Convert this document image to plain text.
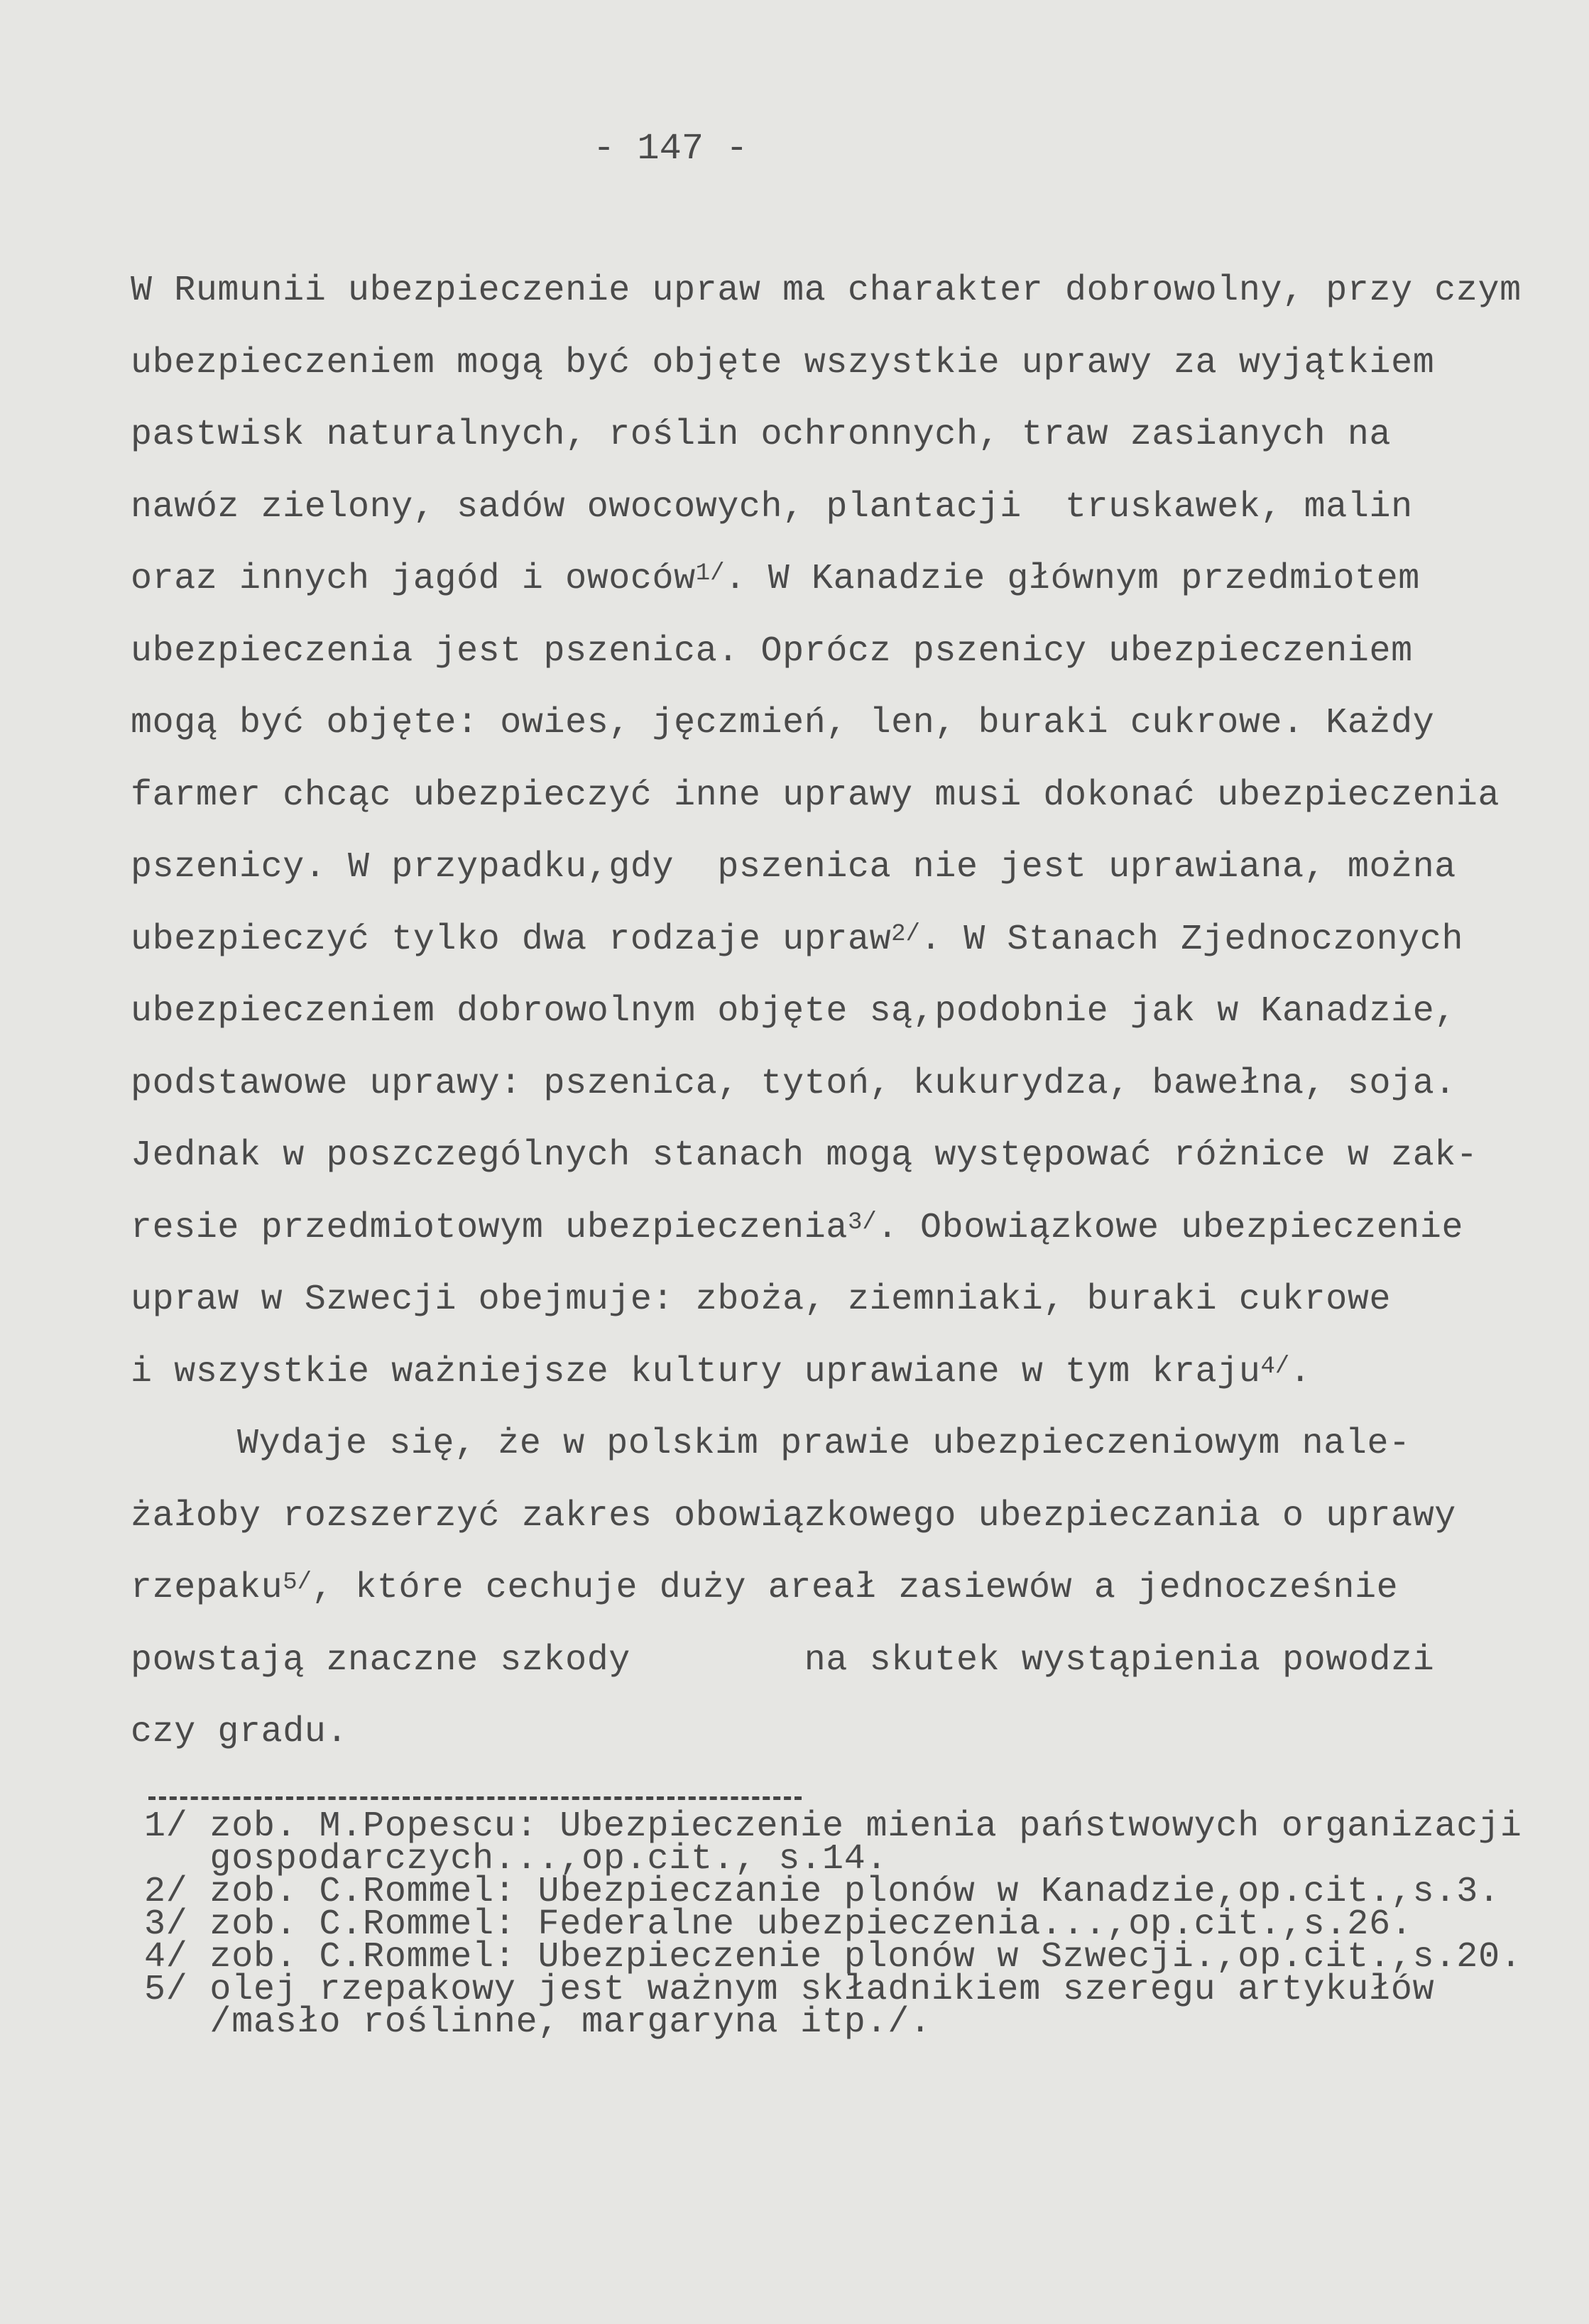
- 147 -
W Rumunii ubezpieczenie upraw ma charakter dobrowolny, przy czym
ubezpieczeniem mogą być objęte wszystkie uprawy za wyjątkiem
pastwisk naturalnych, roślin ochronnych, traw zasianych na
nawóz zielony, sadów owocowych, plantacji  truskawek, malin
oraz innych jagód i owoców$^{1/}$. W Kanadzie głównym przedmiotem
ubezpieczenia jest pszenica. Oprócz pszenicy ubezpieczeniem
mogą być objęte: owies, jęczmień, len, buraki cukrowe. Każdy
farmer chcąc ubezpieczyć inne uprawy musi dokonać ubezpieczenia
pszenicy. W przypadku,gdy  pszenica nie jest uprawiana, można
ubezpieczyć tylko dwa rodzaje upraw$^{2/}$. W Stanach Zjednoczonych
ubezpieczeniem dobrowolnym objęte są,podobnie jak w Kanadzie,
podstawowe uprawy: pszenica, tytoń, kukurydza, bawełna, soja.
Jednak w poszczególnych stanach mogą występować różnice w zak-
resie przedmiotowym ubezpieczenia$^{3/}$. Obowiązkowe ubezpieczenie
upraw w Szwecji obejmuje: zboża, ziemniaki, buraki cukrowe
i wszystkie ważniejsze kultury uprawiane w tym kraju$^{4/}$.
Wydaje się, że w polskim prawie ubezpieczeniowym nale-
żałoby rozszerzyć zakres obowiązkowego ubezpieczania o uprawy
rzepaku$^{5/}$, które cechuje duży areał zasiewów a jednocześnie
powstają znaczne szkody        na skutek wystąpienia powodzi
czy gradu.
1/ zob. M.Popescu: Ubezpieczenie mienia państwowych organizacji
gospodarczych...,op.cit., s.14.
2/ zob. C.Rommel: Ubezpieczanie plonów w Kanadzie,op.cit.,s.3.
3/ zob. C.Rommel: Federalne ubezpieczenia...,op.cit.,s.26.
4/ zob. C.Rommel: Ubezpieczenie plonów w Szwecji.,op.cit.,s.20.
5/ olej rzepakowy jest ważnym składnikiem szeregu artykułów
/masło roślinne, margaryna itp./.
